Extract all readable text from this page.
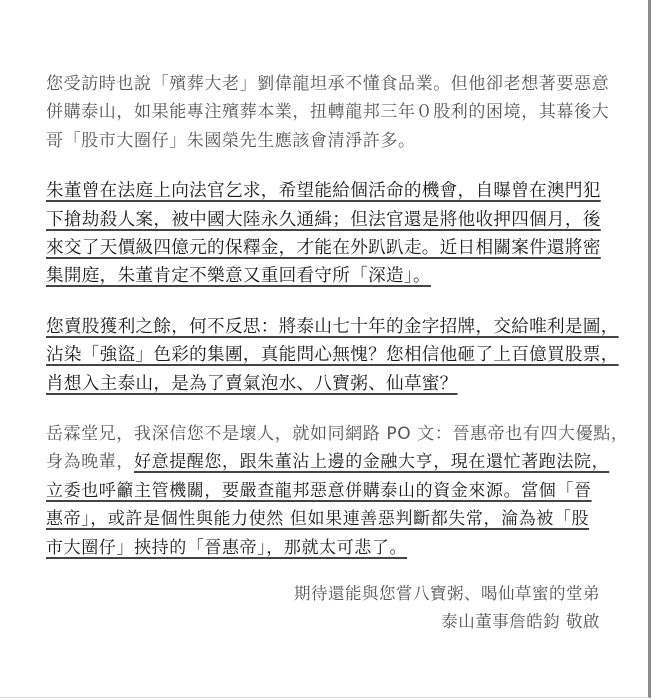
您受訪時也說「殯葬大老」劉偉龍坦承不懂食品業。但他卻老想著要惡意
併購泰山，如果能專注殯葬本業，扭轉龍邦三年０股利的困境，其幕後大
哥「股市大圈仔」朱國榮先生應該會清淨許多。

朱董曾在法庭上向法官乞求，希望能給個活命的機會，自曝曾在澳門犯
下搶劫殺人案，被中國大陸永久通緝；但法官還是將他收押四個月，後
來交了天價級四億元的保釋金，才能在外趴趴走。近日相關案件還將密
集開庭，朱董肯定不樂意又重回看守所「深造」。

您賣股獲利之餘，何不反思：將泰山七十年的金字招牌，交給唯利是圖，
沾染「強盜」色彩的集團，真能問心無愧？您相信他砸了上百億買股票，
肖想入主泰山，是為了賣氣泡水、八寶粥、仙草蜜？

岳霖堂兄，我深信您不是壞人，就如同網路 PO 文：晉惠帝也有四大優點，
身為晚輩，好意提醒您，跟朱董沾上邊的金融大亨，現在還忙著跑法院，
立委也呼籲主管機關，要嚴查龍邦惡意併購泰山的資金來源。當個「晉
惠帝」，或許是個性與能力使然 但如果連善惡判斷都失常，淪為被「股
市大圈仔」挾持的「晉惠帝」，那就太可悲了。

期待還能與您嘗八寶粥、喝仙草蜜的堂弟
泰山董事詹皓鈞 敬啟
